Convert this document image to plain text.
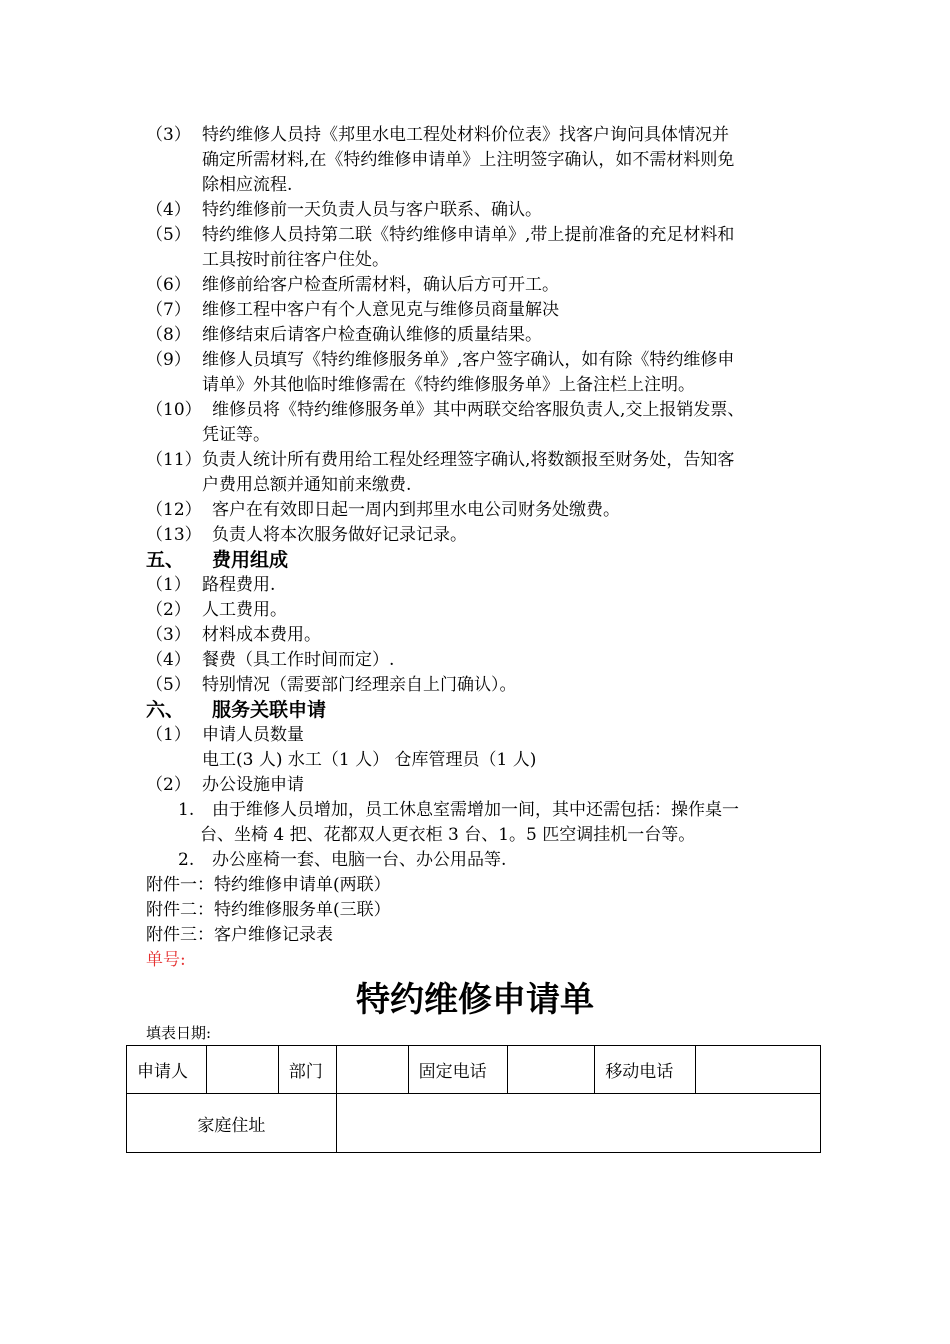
（3） 特约维修人员持《邦里水电工程处材料价位表》找客户询问具体情况并
确定所需材料,在《特约维修申请单》上注明签字确认，如不需材料则免
除相应流程.
（4） 特约维修前一天负责人员与客户联系、确认。
（5） 特约维修人员持第二联《特约维修申请单》,带上提前准备的充足材料和
工具按时前往客户住处。
（6） 维修前给客户检查所需材料，确认后方可开工。
（7） 维修工程中客户有个人意见克与维修员商量解决
（8） 维修结束后请客户检查确认维修的质量结果。
（9） 维修人员填写《特约维修服务单》,客户签字确认，如有除《特约维修申
请单》外其他临时维修需在《特约维修服务单》上备注栏上注明。
（10） 维修员将《特约维修服务单》其中两联交给客服负责人,交上报销发票、
凭证等。
（11） 负责人统计所有费用给工程处经理签字确认,将数额报至财务处，告知客
户费用总额并通知前来缴费.
（12） 客户在有效即日起一周内到邦里水电公司财务处缴费。
（13） 负责人将本次服务做好记录记录。
五、 费用组成
（1） 路程费用.
（2） 人工费用。
（3） 材料成本费用。
（4） 餐费（具工作时间而定）.
（5） 特别情况（需要部门经理亲自上门确认）。
六、 服务关联申请
（1） 申请人员数量
电工(3 人) 水工（1 人） 仓库管理员（1 人)
（2） 办公设施申请
1. 由于维修人员增加，员工休息室需增加一间，其中还需包括：操作桌一
台、坐椅 4 把、花都双人更衣柜 3 台、1。5 匹空调挂机一台等。
2. 办公座椅一套、电脑一台、办公用品等.
附件一：特约维修申请单(两联）
附件二：特约维修服务单(三联）
附件三：客户维修记录表
单号:
特约维修申请单
填表日期:
申请人		部门		固定电话		移动电话	
家庭住址							
